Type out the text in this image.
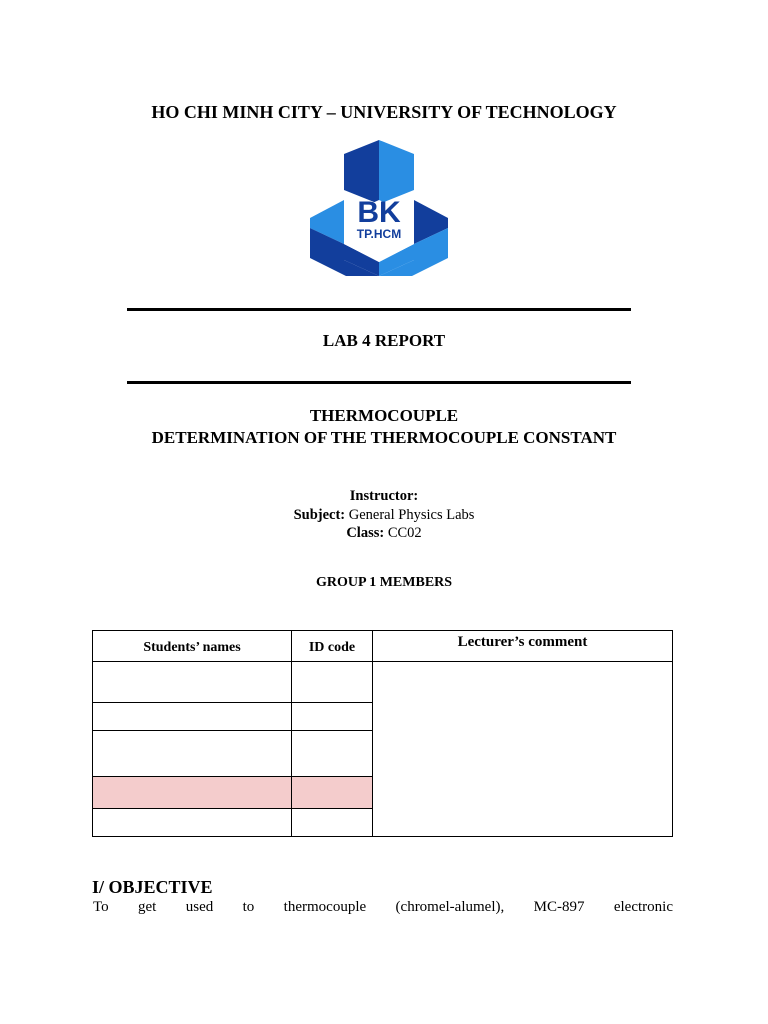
HO CHI MINH CITY – UNIVERSITY OF TECHNOLOGY
BK
TP.HCM
LAB 4 REPORT
THERMOCOUPLE
DETERMINATION OF THE THERMOCOUPLE CONSTANT
Instructor:
Subject: General Physics Labs
Class: CC02
GROUP 1 MEMBERS
Students’ names	ID code	Lecturer’s comment

I/ OBJECTIVE
To get used to thermocouple (chromel-alumel), MC-897 electronic
